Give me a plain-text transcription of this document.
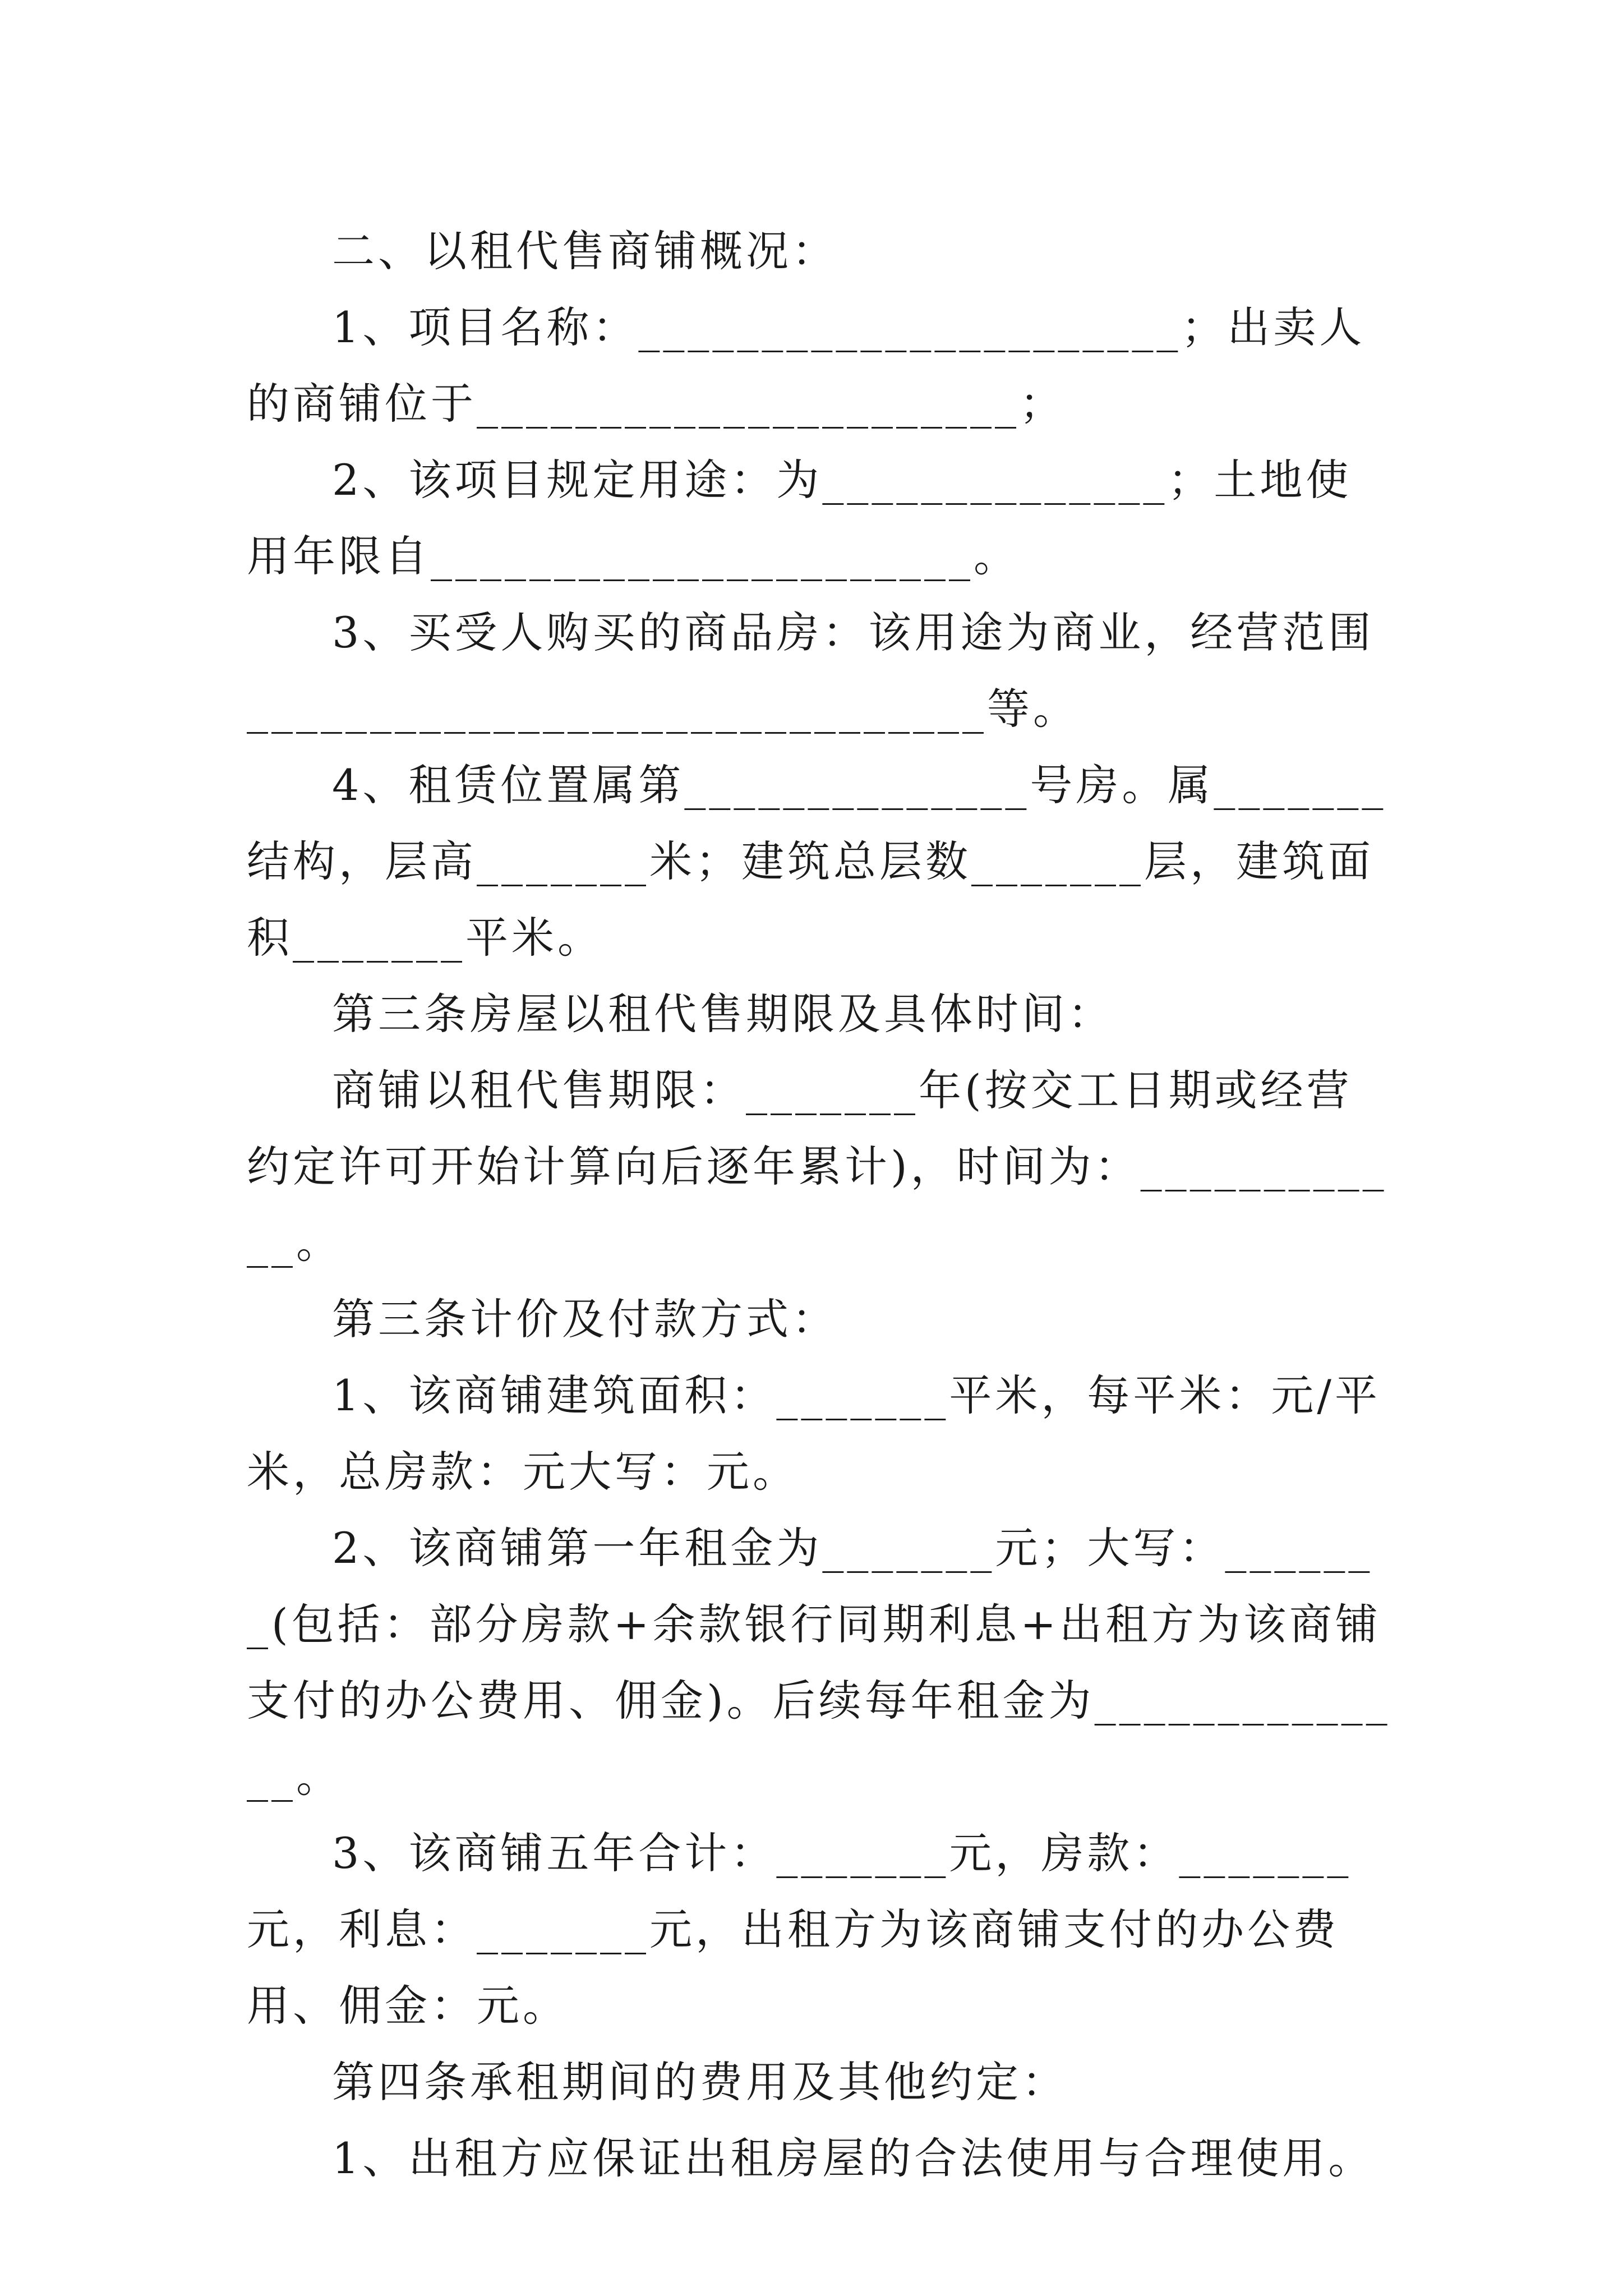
二、以租代售商铺概况：

1、项目名称：______________________；出卖人的商铺位于______________________；

2、该项目规定用途：为______________；土地使用年限自______________________。

3、买受人购买的商品房：该用途为商业，经营范围______________________________等。

4、租赁位置属第______________号房。属_______结构，层高_______米；建筑总层数_______层，建筑面积_______平米。

第三条房屋以租代售期限及具体时间：

商铺以租代售期限：_______年(按交工日期或经营约定许可开始计算向后逐年累计)，时间为：____________。

第三条计价及付款方式：

1、该商铺建筑面积：_______平米，每平米：元/平米，总房款：元大写：元。

2、该商铺第一年租金为_______元；大写：_______(包括：部分房款+余款银行同期利息+出租方为该商铺支付的办公费用、佣金)。后续每年租金为______________。

3、该商铺五年合计：_______元，房款：_______元，利息：_______元，出租方为该商铺支付的办公费用、佣金：元。

第四条承租期间的费用及其他约定：

1、出租方应保证出租房屋的合法使用与合理使用。
